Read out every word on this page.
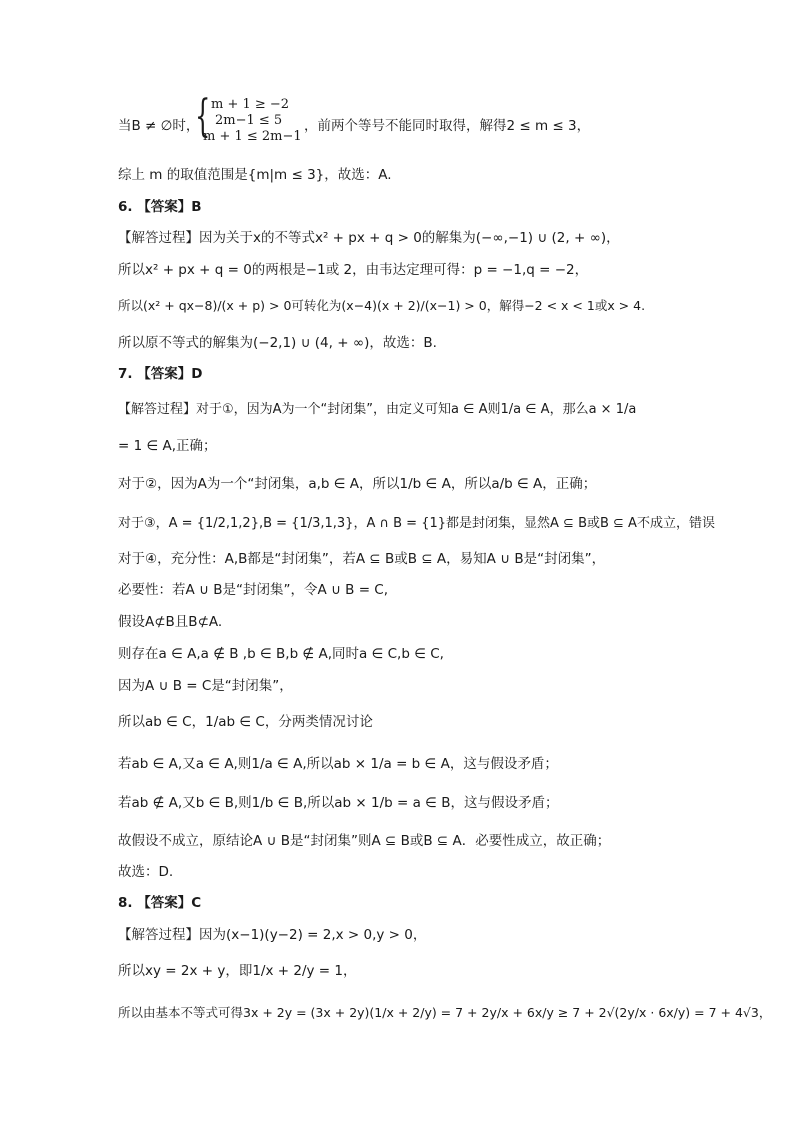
当B ≠ ∅时，
{ m + 1 ≥ −2
2m−1 ≤ 5
m + 1 ≤ 2m−1
，前两个等号不能同时取得，解得2 ≤ m ≤ 3，
综上 m 的取值范围是{m|m ≤ 3}，故选：A.
6. 【答案】B
【解答过程】因为关于x的不等式x² + px + q > 0的解集为(−∞,−1) ∪ (2, + ∞)，
所以x² + px + q = 0的两根是−1或 2，由韦达定理可得：p = −1,q = −2，
所以(x² + qx−8)/(x + p) > 0可转化为(x−4)(x + 2)/(x−1) > 0，解得−2 < x < 1或x > 4.
所以原不等式的解集为(−2,1) ∪ (4, + ∞)，故选：B.
7. 【答案】D
【解答过程】对于①，因为A为一个“封闭集”，由定义可知a ∈ A则1/a ∈ A，那么a × 1/a
= 1 ∈ A,正确；
对于②，因为A为一个“封闭集，a,b ∈ A，所以1/b ∈ A，所以a/b ∈ A，正确；
对于③，A = {1/2,1,2},B = {1/3,1,3}，A ∩ B = {1}都是封闭集，显然A ⊆ B或B ⊆ A不成立，错误
对于④，充分性：A,B都是“封闭集”，若A ⊆ B或B ⊆ A，易知A ∪ B是“封闭集”，
必要性：若A ∪ B是“封闭集”，令A ∪ B = C,
假设A⊄B且B⊄A.
则存在a ∈ A,a ∉ B ,b ∈ B,b ∉ A,同时a ∈ C,b ∈ C,
因为A ∪ B = C是“封闭集”，
所以ab ∈ C，1/ab ∈ C，分两类情况讨论
若ab ∈ A,又a ∈ A,则1/a ∈ A,所以ab × 1/a = b ∈ A，这与假设矛盾；
若ab ∉ A,又b ∈ B,则1/b ∈ B,所以ab × 1/b = a ∈ B，这与假设矛盾；
故假设不成立，原结论A ∪ B是“封闭集”则A ⊆ B或B ⊆ A．必要性成立，故正确；
故选：D.
8. 【答案】C
【解答过程】因为(x−1)(y−2) = 2,x > 0,y > 0，
所以xy = 2x + y，即1/x + 2/y = 1，
所以由基本不等式可得3x + 2y = (3x + 2y)(1/x + 2/y) = 7 + 2y/x + 6x/y ≥ 7 + 2√(2y/x · 6x/y) = 7 + 4√3，
